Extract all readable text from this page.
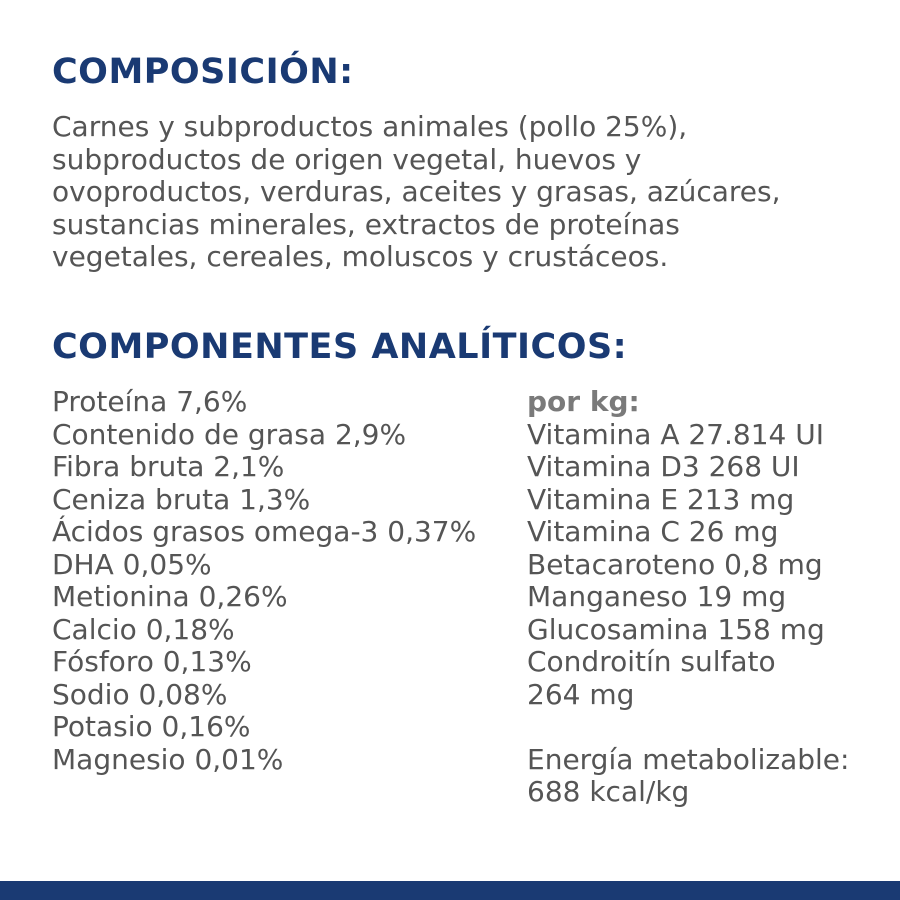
COMPOSICIÓN:

Carnes y subproductos animales (pollo 25%),
subproductos de origen vegetal, huevos y
ovoproductos, verduras, aceites y grasas, azúcares,
sustancias minerales, extractos de proteínas
vegetales, cereales, moluscos y crustáceos.

COMPONENTES ANALÍTICOS:
Proteína 7,6%
Contenido de grasa 2,9%
Fibra bruta 2,1%
Ceniza bruta 1,3%
Ácidos grasos omega-3 0,37%
DHA 0,05%
Metionina 0,26%
Calcio 0,18%
Fósforo 0,13%
Sodio 0,08%
Potasio 0,16%
Magnesio 0,01%
por kg:
Vitamina A 27.814 UI
Vitamina D3 268 UI
Vitamina E 213 mg
Vitamina C 26 mg
Betacaroteno 0,8 mg
Manganeso 19 mg
Glucosamina 158 mg
Condroitín sulfato
264 mg
Energía metabolizable:
688 kcal/kg
